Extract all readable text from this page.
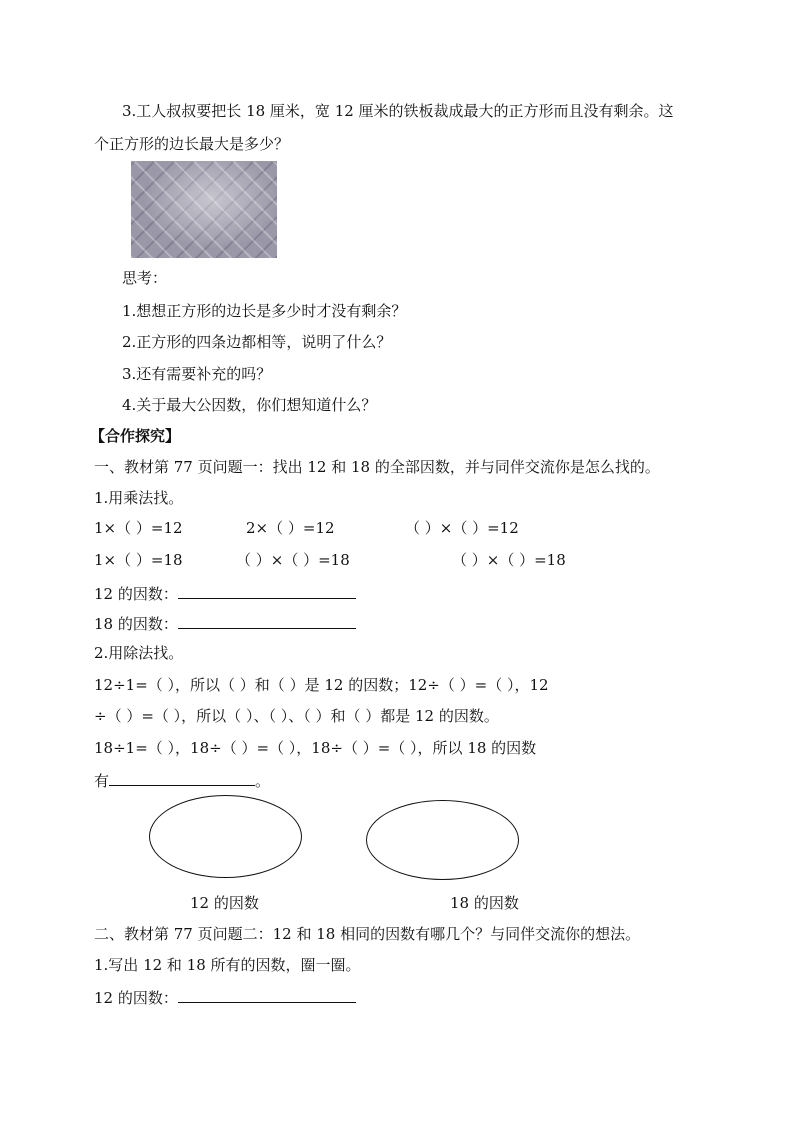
3.工人叔叔要把长 18 厘米，宽 12 厘米的铁板裁成最大的正方形而且没有剩余。这
个正方形的边长最大是多少？
思考：
1.想想正方形的边长是多少时才没有剩余？
2.正方形的四条边都相等，说明了什么？
3.还有需要补充的吗？
4.关于最大公因数，你们想知道什么？
【合作探究】
一、教材第 77 页问题一：找出 12 和 18 的全部因数，并与同伴交流你是怎么找的。
1.用乘法找。
1×（ ）=12	2×（ ）=12	（ ）×（ ）=12
1×（ ）=18	（ ）×（ ）=18	（ ）×（ ）=18
12 的因数：
18 的因数：
2.用除法找。
12÷1=（ ），所以（ ）和（ ）是 12 的因数；12÷（ ）=（ ），12
÷（ ）=（ ），所以（ ）、（ ）、（ ）和（ ）都是 12 的因数。
18÷1=（ ），18÷（ ）=（ ），18÷（ ）=（ ），所以 18 的因数
有	。
12 的因数	18 的因数
二、教材第 77 页问题二：12 和 18 相同的因数有哪几个？与同伴交流你的想法。
1.写出 12 和 18 所有的因数，圈一圈。
12 的因数：
